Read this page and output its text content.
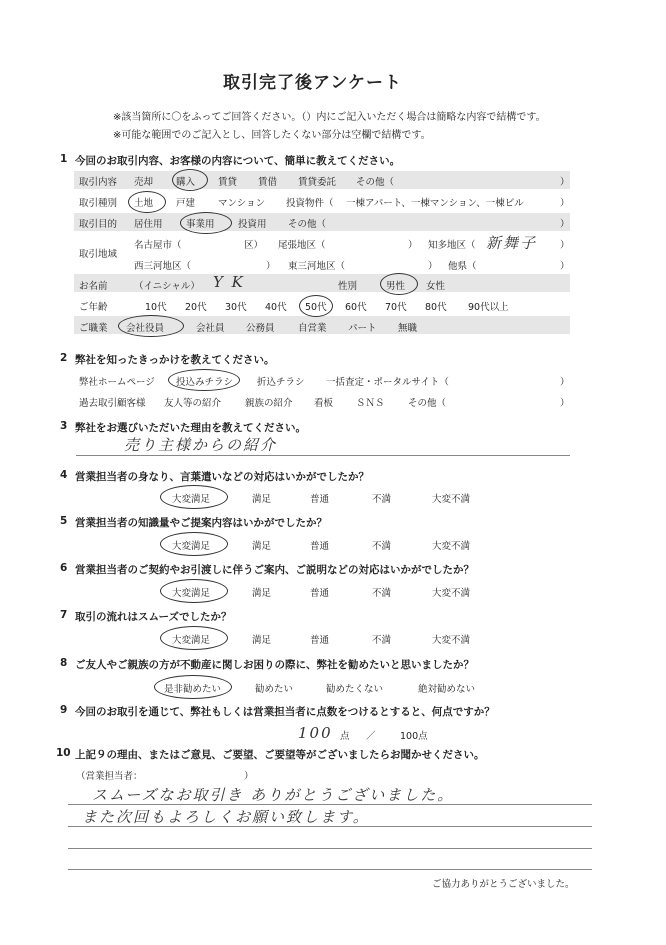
取引完了後アンケート
※該当箇所に〇をふってご回答ください。（）内にご記入いただく場合は簡略な内容で結構です。
※可能な範囲でのご記入とし、回答したくない部分は空欄で結構です。
1 今回のお取引内容、お客様の内容について、簡単に教えてください。
取引内容 売却 購入 賃貸 賃借 賃貸委託 その他（	）
取引種別 土地 戸建 マンション 投資物件（ 一棟アパート、一棟マンション、一棟ビル	）
取引目的 居住用 事業用 投資用 その他（	）
取引地域
名古屋市（	区） 尾張地区（	） 知多地区（ 新舞子 ）
西三河地区（	） 東三河地区（	） 他県（	）
お名前	（イニシャル） Y K	性別	男性 女性
ご年齢	10代 20代 30代 40代 50代 60代 70代 80代 90代以上
ご職業 会社役員	会社員 公務員 自営業 パート 無職
2 弊社を知ったきっかけを教えてください。
弊社ホームページ 投込みチラシ	折込チラシ 一括査定・ポータルサイト（	）
過去取引顧客様 友人等の紹介	親族の紹介 看板 ＳＮＳ その他（	）
3 弊社をお選びいただいた理由を教えてください。
売り主様からの紹介
4 営業担当者の身なり、言葉遣いなどの対応はいかがでしたか？
大変満足	満足	普通	不満	大変不満
5 営業担当者の知識量やご提案内容はいかがでしたか？
大変満足	満足	普通	不満	大変不満
6 営業担当者のご契約やお引渡しに伴うご案内、ご説明などの対応はいかがでしたか？
大変満足	満足	普通	不満	大変不満
7 取引の流れはスムーズでしたか？
大変満足	満足	普通	不満	大変不満
8 ご友人やご親族の方が不動産に関しお困りの際に、弊社を勧めたいと思いましたか？
是非勧めたい	勧めたい	勧めたくない	絶対勧めない
9 今回のお取引を通じて、弊社もしくは営業担当者に点数をつけるとすると、何点ですか？
100 点 ／	100点
10 上記９の理由、またはご意見、ご要望、ご要望等がございましたらお聞かせください。
（営業担当者：	）
スムーズなお取引き ありがとうございました。
また次回もよろしくお願い致します。
ご協力ありがとうございました。
